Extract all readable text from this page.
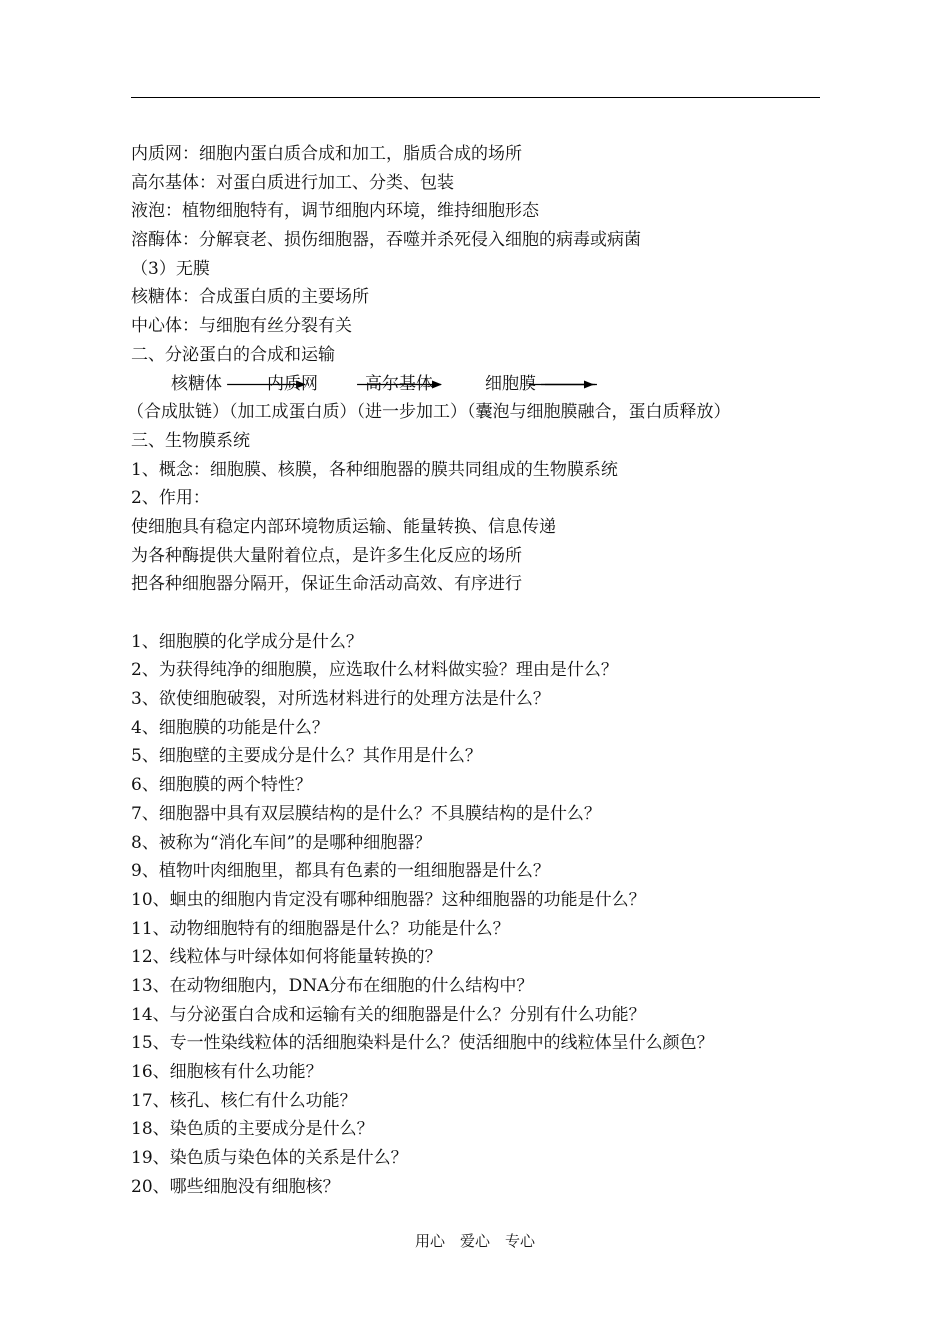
内质网：细胞内蛋白质合成和加工，脂质合成的场所
高尔基体：对蛋白质进行加工、分类、包装
液泡：植物细胞特有，调节细胞内环境，维持细胞形态
溶酶体：分解衰老、损伤细胞器，吞噬并杀死侵入细胞的病毒或病菌
（3）无膜
核糖体：合成蛋白质的主要场所
中心体：与细胞有丝分裂有关
二、分泌蛋白的合成和运输
核糖体	内质网	高尔基体	细胞膜
（合成肽链）（加工成蛋白质）（进一步加工）（囊泡与细胞膜融合，蛋白质释放）
三、生物膜系统
1、概念：细胞膜、核膜，各种细胞器的膜共同组成的生物膜系统
2、作用：
使细胞具有稳定内部环境物质运输、能量转换、信息传递
为各种酶提供大量附着位点，是许多生化反应的场所
把各种细胞器分隔开，保证生命活动高效、有序进行
1、细胞膜的化学成分是什么？
2、为获得纯净的细胞膜，应选取什么材料做实验？理由是什么？
3、欲使细胞破裂，对所选材料进行的处理方法是什么？
4、细胞膜的功能是什么？
5、细胞壁的主要成分是什么？其作用是什么？
6、细胞膜的两个特性？
7、细胞器中具有双层膜结构的是什么？不具膜结构的是什么？
8、被称为“消化车间”的是哪种细胞器？
9、植物叶肉细胞里，都具有色素的一组细胞器是什么？
10、蛔虫的细胞内肯定没有哪种细胞器？这种细胞器的功能是什么？
11、动物细胞特有的细胞器是什么？功能是什么？
12、线粒体与叶绿体如何将能量转换的？
13、在动物细胞内，DNA分布在细胞的什么结构中？
14、与分泌蛋白合成和运输有关的细胞器是什么？分别有什么功能？
15、专一性染线粒体的活细胞染料是什么？使活细胞中的线粒体呈什么颜色？
16、细胞核有什么功能？
17、核孔、核仁有什么功能？
18、染色质的主要成分是什么？
19、染色质与染色体的关系是什么？
20、哪些细胞没有细胞核？
用心　爱心　专心
